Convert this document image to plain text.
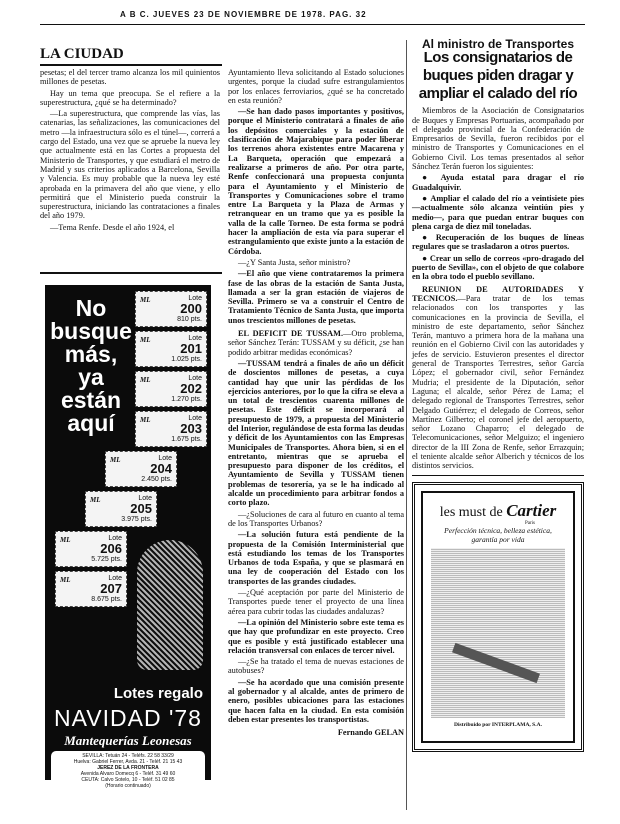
A B C. JUEVES 23 DE NOVIEMBRE DE 1978. PAG. 32
LA CIUDAD

pesetas; el del tercer tramo alcanza los mil quinientos millones de pesetas.

Hay un tema que preocupa. Se el refiere a la superestructura, ¿qué se ha determinado?

—La superestructura, que comprende las vías, las catenarias, las señalizaciones, las comunicaciones del metro —la infraestructura sólo es el túnel—, correrá a cargo del Estado, una vez que se apruebe la nueva ley que actualmente está en las Cortes a propuesta del Ministerio de Transportes, y que estudiará el metro de Madrid y sus criterios aplicados a Barcelona, Sevilla y Valencia. Es muy probable que la nueva ley esté aprobada en la primavera del año que viene, y ello permitirá que el Ministerio pueda construir la superestructura, iniciando las contrataciones a finales del año 1979.

—Tema Renfe. Desde el año 1924, el

No
busque
más,
ya
están
aquí
ML	Lote
200
810 pts.
ML	Lote
201
1.025 pts.
ML	Lote
202
1.270 pts.
ML	Lote
203
1.675 pts.
ML	Lote
204
2.450 pts.
ML	Lote
205
3.975 pts.
ML	Lote
206
5.725 pts.
ML	Lote
207
8.675 pts.
Lotes regalo
NAVIDAD '78
Mantequerías Leonesas
SEVILLA: Tetuán 24 - Teléfs. 22 58 33/29
Huelva: Gabriel Ferrer, Avda. 21 - Teléf. 21 15 43
JEREZ DE LA FRONTERA
Avenida Alvaro Domecq 6 - Teléf. 31 49 60
CEUTA: Calvo Sotelo, 10 - Teléf. 51 02 85
(Horario continuado)

Ayuntamiento lleva solicitando al Estado soluciones urgentes, porque la ciudad sufre estrangulamientos por los enlaces ferroviarios, ¿qué se ha concretado en esta reunión?

—Se han dado pasos importantes y positivos, porque el Ministerio contratará a finales de año los depósitos comerciales y la estación de clasificación de Majarabique para poder liberar los terrenos ahora existentes entre Macarena y La Barqueta, operación que empezará a realizarse a primeros de año. Por otra parte, Renfe confeccionará una propuesta conjunta para el Ayuntamiento y el Ministerio de Transportes y Comunicaciones sobre el tramo entre La Barqueta y la Plaza de Armas y retranquear en un tramo que ya es posible la valla de la calle Torneo. De esta forma se podrá hacer la ampliación de esta vía para superar el estrangulamiento que existe junto a la estación de Córdoba.

—¿Y Santa Justa, señor ministro?

—El año que viene contrataremos la primera fase de las obras de la estación de Santa Justa, llamada a ser la gran estación de viajeros de Sevilla. Primero se va a construir el Centro de Tratamiento Técnico de Santa Justa, que importa unos trescientos millones de pesetas.

EL DEFICIT DE TUSSAM.—Otro problema, señor Sánchez Terán: TUSSAM y su déficit, ¿se han podido arbitrar medidas económicas?

—TUSSAM tendrá a finales de año un déficit de doscientos millones de pesetas, a cuya cantidad hay que unir las pérdidas de los ejercicios anteriores, por lo que la cifra se eleva a un total de trescientos cuarenta millones de pesetas. Este déficit se incorporará al presupuesto de 1979, a propuesta del Ministerio del Interior, regulándose de esta forma las deudas y déficit de los Ayuntamientos con las Empresas Municipales de Transportes. Ahora bien, si en el entretanto, mientras que se aprueba el presupuesto para disponer de los créditos, el Ayuntamiento de Sevilla y TUSSAM tienen problemas de tesorería, ya se le ha indicado al alcalde un procedimiento para arbitrar fondos a corto plazo.

—¿Soluciones de cara al futuro en cuanto al tema de los Transportes Urbanos?

—La solución futura está pendiente de la propuesta de la Comisión Interministerial que está estudiando los temas de los Transportes Urbanos de toda España, y que se plasmará en una ley de cooperación del Estado con los transportes de las grandes ciudades.

—¿Qué aceptación por parte del Ministerio de Transportes puede tener el proyecto de una línea aérea para cubrir todas las ciudades andaluzas?

—La opinión del Ministerio sobre este tema es que hay que profundizar en este proyecto. Creo que es posible y está justificado establecer una relación transversal con enlaces de tercer nivel.

—¿Se ha tratado el tema de nuevas estaciones de autobuses?

—Se ha acordado que una comisión presente al gobernador y al alcalde, antes de primero de enero, posibles ubicaciones para las estaciones que hacen falta en la ciudad. En esta comisión deben estar presentes los transportistas.

Fernando GELAN
Al ministro de Transportes
Los consignatarios de buques piden dragar y ampliar el calado del río

Miembros de la Asociación de Consignatarios de Buques y Empresas Portuarias, acompañado por el delegado provincial de la Confederación de Empresarios de Sevilla, fueron recibidos por el ministro de Transportes y Comunicaciones en el Gobierno Civil. Los temas presentados al señor Sánchez Terán fueron los siguientes:

● Ayuda estatal para dragar el río Guadalquivir.

● Ampliar el calado del río a veintisiete pies —actualmente sólo alcanza veintiún pies y medio—, para que puedan entrar buques con plena carga de diez mil toneladas.

● Recuperación de los buques de líneas regulares que se trasladaron a otros puertos.

● Crear un sello de correos «pro-dragado del puerto de Sevilla», con el objeto de que colabore en la obra todo el pueblo sevillano.

REUNION DE AUTORIDADES Y TECNICOS.—Para tratar de los temas relacionados con los transportes y las comunicaciones en la provincia de Sevilla, el ministro de este departamento, señor Sánchez Terán, mantuvo a primera hora de la mañana una reunión en el Gobierno Civil con las autoridades y jefes de servicio. Estuvieron presentes el director general de Transportes Terrestres, señor García López; el gobernador civil, señor Fernández Mudria; el presidente de la Diputación, señor Laguna; el alcalde, señor Pérez de Lama; el delegado regional de Transportes Terrestres, señor Delgado Gutiérrez; el delegado de Correos, señor Martínez Gilberto; el coronel jefe del aeropuerto, señor Lozano Chaparro; el delegado de Telecomunicaciones, señor Melguizo; el ingeniero director de la III Zona de Renfe, señor Errazquin; el teniente alcalde señor Alberich y técnicos de los distintos servicios.

les must de Cartier
Paris
Perfección técnica, belleza estética, garantía por vida
Distribuido por INTERPLAMA, S.A.
